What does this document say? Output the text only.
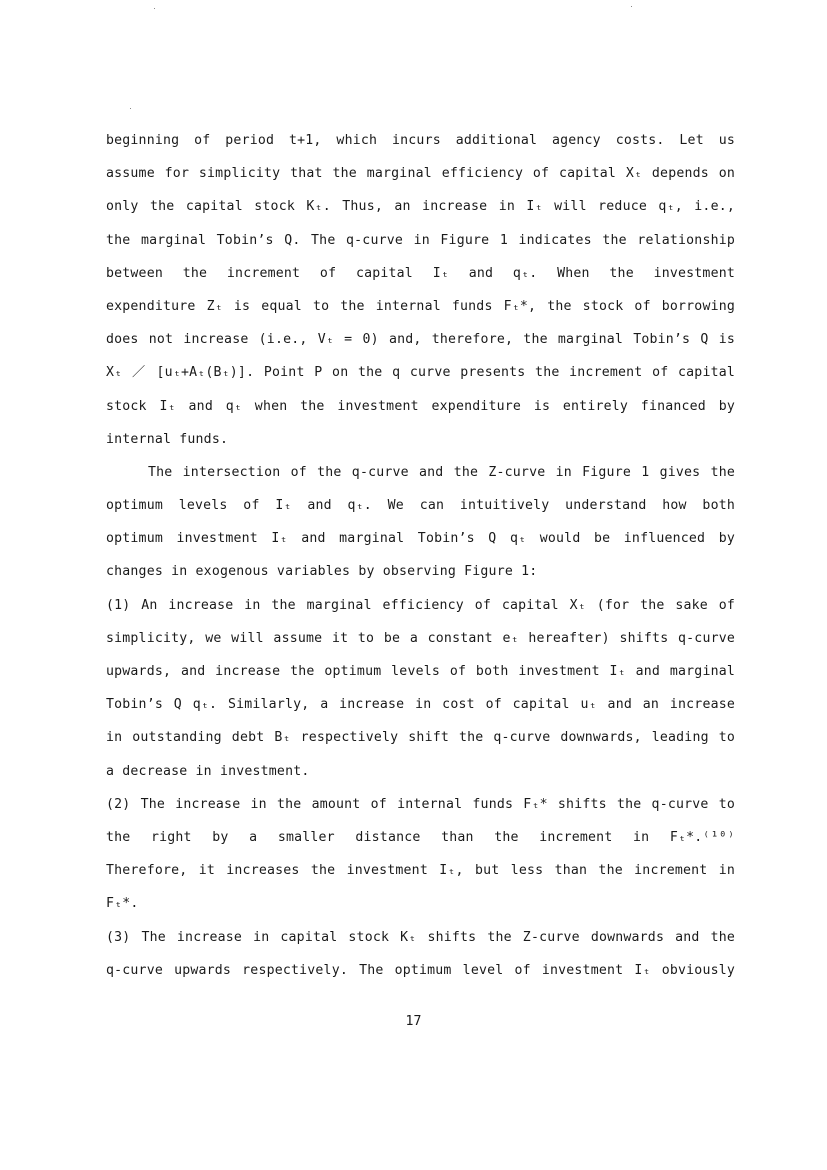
beginning of period t+1, which incurs additional agency costs. Let us
assume for simplicity that the marginal efficiency of capital Xₜ depends on
only the capital stock Kₜ. Thus, an increase in Iₜ will reduce qₜ, i.e.,
the marginal Tobin’s Q. The q-curve in Figure 1 indicates the relationship
between the increment of capital Iₜ and qₜ. When the investment
expenditure Zₜ is equal to the internal funds Fₜ*, the stock of borrowing
does not increase (i.e., Vₜ = 0) and, therefore, the marginal Tobin’s Q is
Xₜ ／ [uₜ+Aₜ(Bₜ)]. Point P on the q curve presents the increment of capital
stock Iₜ and qₜ when the investment expenditure is entirely financed by
internal funds.
The intersection of the q-curve and the Z-curve in Figure 1 gives the
optimum levels of Iₜ and qₜ. We can intuitively understand how both
optimum investment Iₜ and marginal Tobin’s Q qₜ would be influenced by
changes in exogenous variables by observing Figure 1:
(1) An increase in the marginal efficiency of capital Xₜ (for the sake of
simplicity, we will assume it to be a constant eₜ hereafter) shifts q-curve
upwards, and increase the optimum levels of both investment Iₜ and marginal
Tobin’s Q qₜ. Similarly, a increase in cost of capital uₜ and an increase
in outstanding debt Bₜ respectively shift the q-curve downwards, leading to
a decrease in investment.
(2) The increase in the amount of internal funds Fₜ* shifts the q-curve to
the right by a smaller distance than the increment in Fₜ*.⁽¹⁰⁾
Therefore, it increases the investment Iₜ, but less than the increment in
Fₜ*.
(3) The increase in capital stock Kₜ shifts the Z-curve downwards and the
q-curve upwards respectively. The optimum level of investment Iₜ obviously
17
